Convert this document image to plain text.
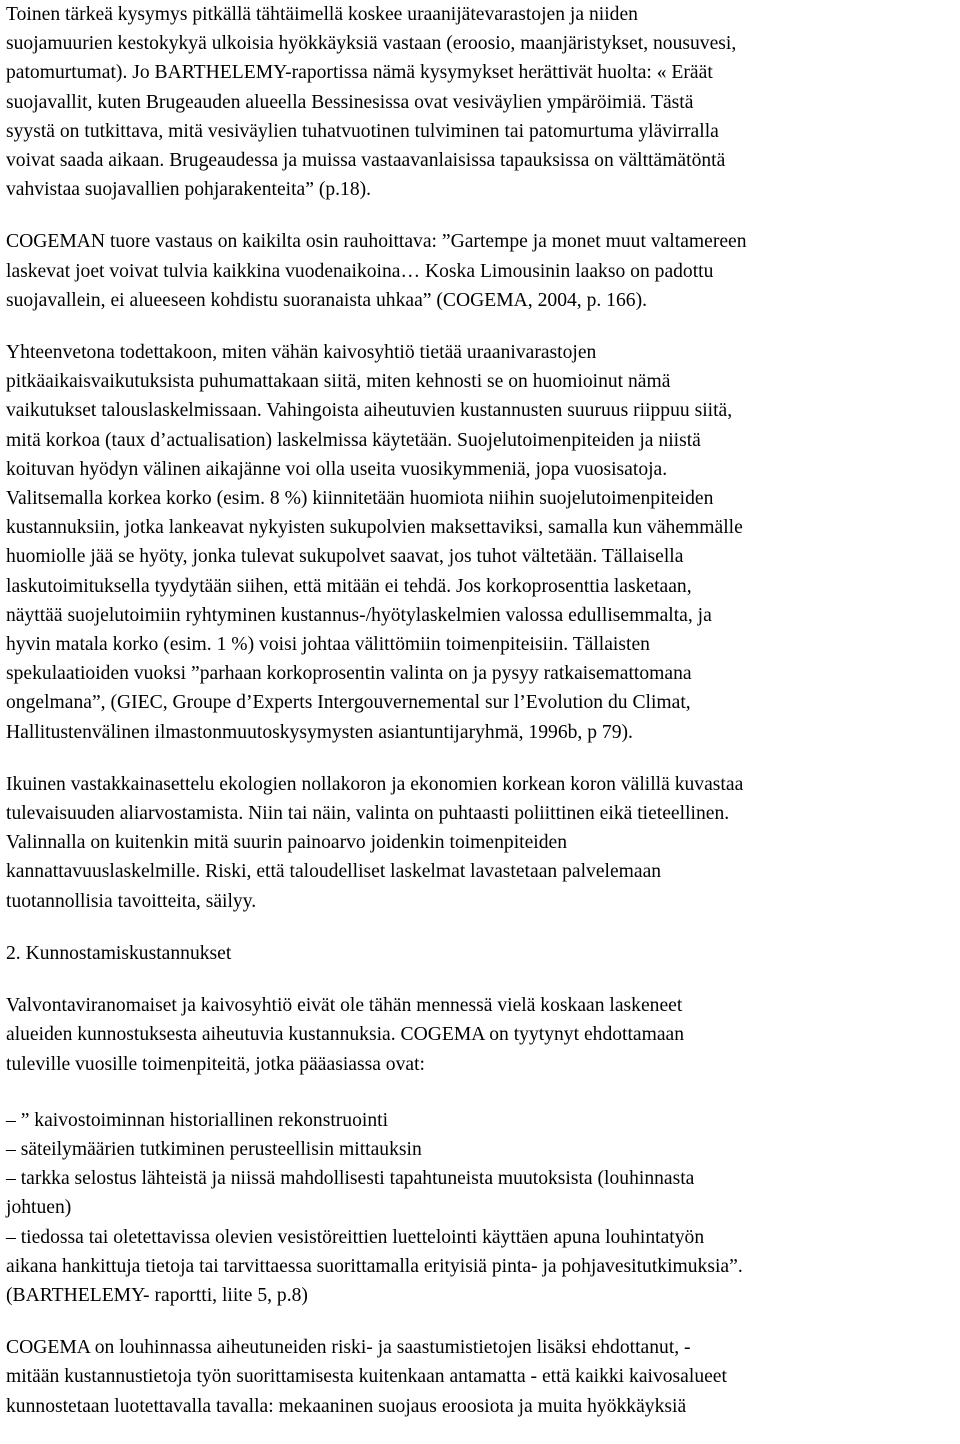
Toinen tärkeä kysymys pitkällä tähtäimellä koskee uraanijätevarastojen ja niiden
suojamuurien kestokykyä ulkoisia hyökkäyksiä vastaan (eroosio, maanjäristykset, nousuvesi,
patomurtumat). Jo BARTHELEMY-raportissa nämä kysymykset herättivät huolta: « Eräät
suojavallit, kuten Brugeauden alueella Bessinesissa ovat vesiväylien ympäröimiä. Tästä
syystä on tutkittava, mitä vesiväylien tuhatvuotinen tulviminen tai patomurtuma ylävirralla
voivat saada aikaan. Brugeaudessa ja muissa vastaavanlaisissa tapauksissa on välttämätöntä
vahvistaa suojavallien pohjarakenteita” (p.18).

COGEMAN tuore vastaus on kaikilta osin rauhoittava: ”Gartempe ja monet muut valtamereen
laskevat joet voivat tulvia kaikkina vuodenaikoina… Koska Limousinin laakso on padottu
suojavallein, ei alueeseen kohdistu suoranaista uhkaa” (COGEMA, 2004, p. 166).

Yhteenvetona todettakoon, miten vähän kaivosyhtiö tietää uraanivarastojen
pitkäaikaisvaikutuksista puhumattakaan siitä, miten kehnosti se on huomioinut nämä
vaikutukset talouslaskelmissaan. Vahingoista aiheutuvien kustannusten suuruus riippuu siitä,
mitä korkoa (taux d’actualisation) laskelmissa käytetään. Suojelutoimenpiteiden ja niistä
koituvan hyödyn välinen aikajänne voi olla useita vuosikymmeniä, jopa vuosisatoja.
Valitsemalla korkea korko (esim. 8 %) kiinnitetään huomiota niihin suojelutoimenpiteiden
kustannuksiin, jotka lankeavat nykyisten sukupolvien maksettaviksi, samalla kun vähemmälle
huomiolle jää se hyöty, jonka tulevat sukupolvet saavat, jos tuhot vältetään. Tällaisella
laskutoimituksella tyydytään siihen, että mitään ei tehdä. Jos korkoprosenttia lasketaan,
näyttää suojelutoimiin ryhtyminen kustannus-/hyötylaskelmien valossa edullisemmalta, ja
hyvin matala korko (esim. 1 %) voisi johtaa välittömiin toimenpiteisiin. Tällaisten
spekulaatioiden vuoksi ”parhaan korkoprosentin valinta on ja pysyy ratkaisemattomana
ongelmana”, (GIEC, Groupe d’Experts Intergouvernemental sur l’Evolution du Climat,
Hallitustenvälinen ilmastonmuutoskysymysten asiantuntijaryhmä, 1996b, p 79).

Ikuinen vastakkainasettelu ekologien nollakoron ja ekonomien korkean koron välillä kuvastaa
tulevaisuuden aliarvostamista. Niin tai näin, valinta on puhtaasti poliittinen eikä tieteellinen.
Valinnalla on kuitenkin mitä suurin painoarvo joidenkin toimenpiteiden
kannattavuuslaskelmille. Riski, että taloudelliset laskelmat lavastetaan palvelemaan
tuotannollisia tavoitteita, säilyy.

2. Kunnostamiskustannukset

Valvontaviranomaiset ja kaivosyhtiö eivät ole tähän mennessä vielä koskaan laskeneet
alueiden kunnostuksesta aiheutuvia kustannuksia. COGEMA on tyytynyt ehdottamaan
tuleville vuosille toimenpiteitä, jotka pääasiassa ovat:

– ” kaivostoiminnan historiallinen rekonstruointi
– säteilymäärien tutkiminen perusteellisin mittauksin
– tarkka selostus lähteistä ja niissä mahdollisesti tapahtuneista muutoksista (louhinnasta
johtuen)
– tiedossa tai oletettavissa olevien vesistöreittien luettelointi käyttäen apuna louhintatyön
aikana hankittuja tietoja tai tarvittaessa suorittamalla erityisiä pinta- ja pohjavesitutkimuksia”.
(BARTHELEMY- raportti, liite 5, p.8)

COGEMA on louhinnassa aiheutuneiden riski- ja saastumistietojen lisäksi ehdottanut, -
mitään kustannustietoja työn suorittamisesta kuitenkaan antamatta - että kaikki kaivosalueet
kunnostetaan luotettavalla tavalla: mekaaninen suojaus eroosiota ja muita hyökkäyksiä
